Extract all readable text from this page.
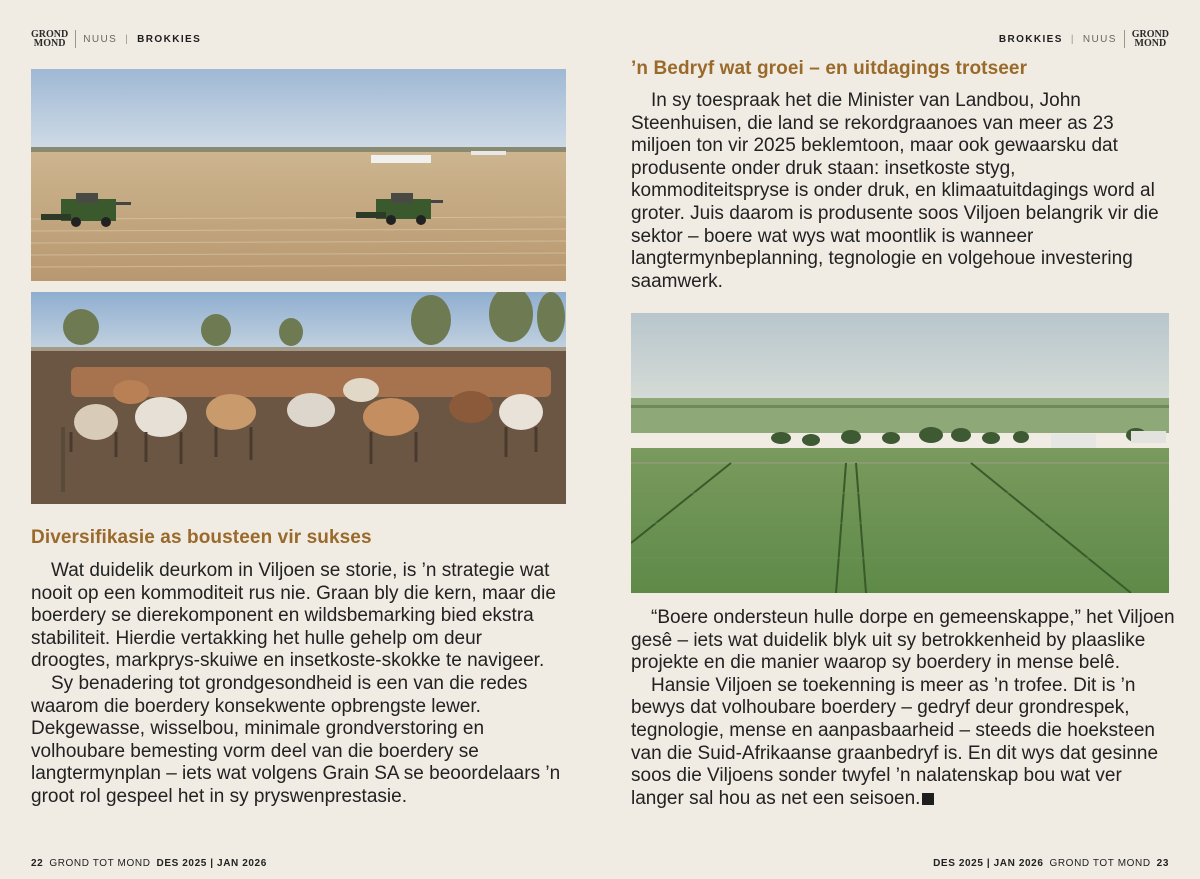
GROND
MOND NUUS | BROKKIES
Diversifikasie as bousteen vir sukses

Wat duidelik deurkom in Viljoen se storie, is ’n strategie wat nooit op een kommoditeit rus nie. Graan bly die kern, maar die boerdery se dierekomponent en wildsbemarking bied ekstra stabiliteit. Hierdie vertakking het hulle gehelp om deur droogtes, markprys-skuiwe en insetkoste-skokke te navigeer.

Sy benadering tot grondgesondheid is een van die redes waarom die boerdery konsekwente opbrengste lewer. Dekgewasse, wisselbou, minimale grondverstoring en volhoubare bemesting vorm deel van die boerdery se langtermynplan – iets wat volgens Grain SA se beoordelaars ’n groot rol gespeel het in sy pryswenprestasie.

22 GROND TOT MOND DES 2025 | JAN 2026
BROKKIES | NUUS GROND
MOND
’n Bedryf wat groei – en uitdagings trotseer

In sy toespraak het die Minister van Landbou, John Steenhuisen, die land se rekordgraanoes van meer as 23 miljoen ton vir 2025 beklemtoon, maar ook gewaarsku dat produsente onder druk staan: insetkoste styg, kommoditeitspryse is onder druk, en klimaatuitdagings word al groter. Juis daarom is produsente soos Viljoen belangrik vir die sektor – boere wat wys wat moontlik is wanneer langtermynbeplanning, tegnologie en volgehoue investering saamwerk.

“Boere ondersteun hulle dorpe en gemeenskappe,” het Viljoen gesê – iets wat duidelik blyk uit sy betrokkenheid by plaaslike projekte en die manier waarop sy boerdery in mense belê.

Hansie Viljoen se toekenning is meer as ’n trofee. Dit is ’n bewys dat volhoubare boerdery – gedryf deur grondrespek, tegnologie, mense en aanpasbaarheid – steeds die hoeksteen van die Suid-Afrikaanse graanbedryf is. En dit wys dat gesinne soos die Viljoens sonder twyfel ’n nalatenskap bou wat ver langer sal hou as net een seisoen. ▼

DES 2025 | JAN 2026 GROND TOT MOND 23
